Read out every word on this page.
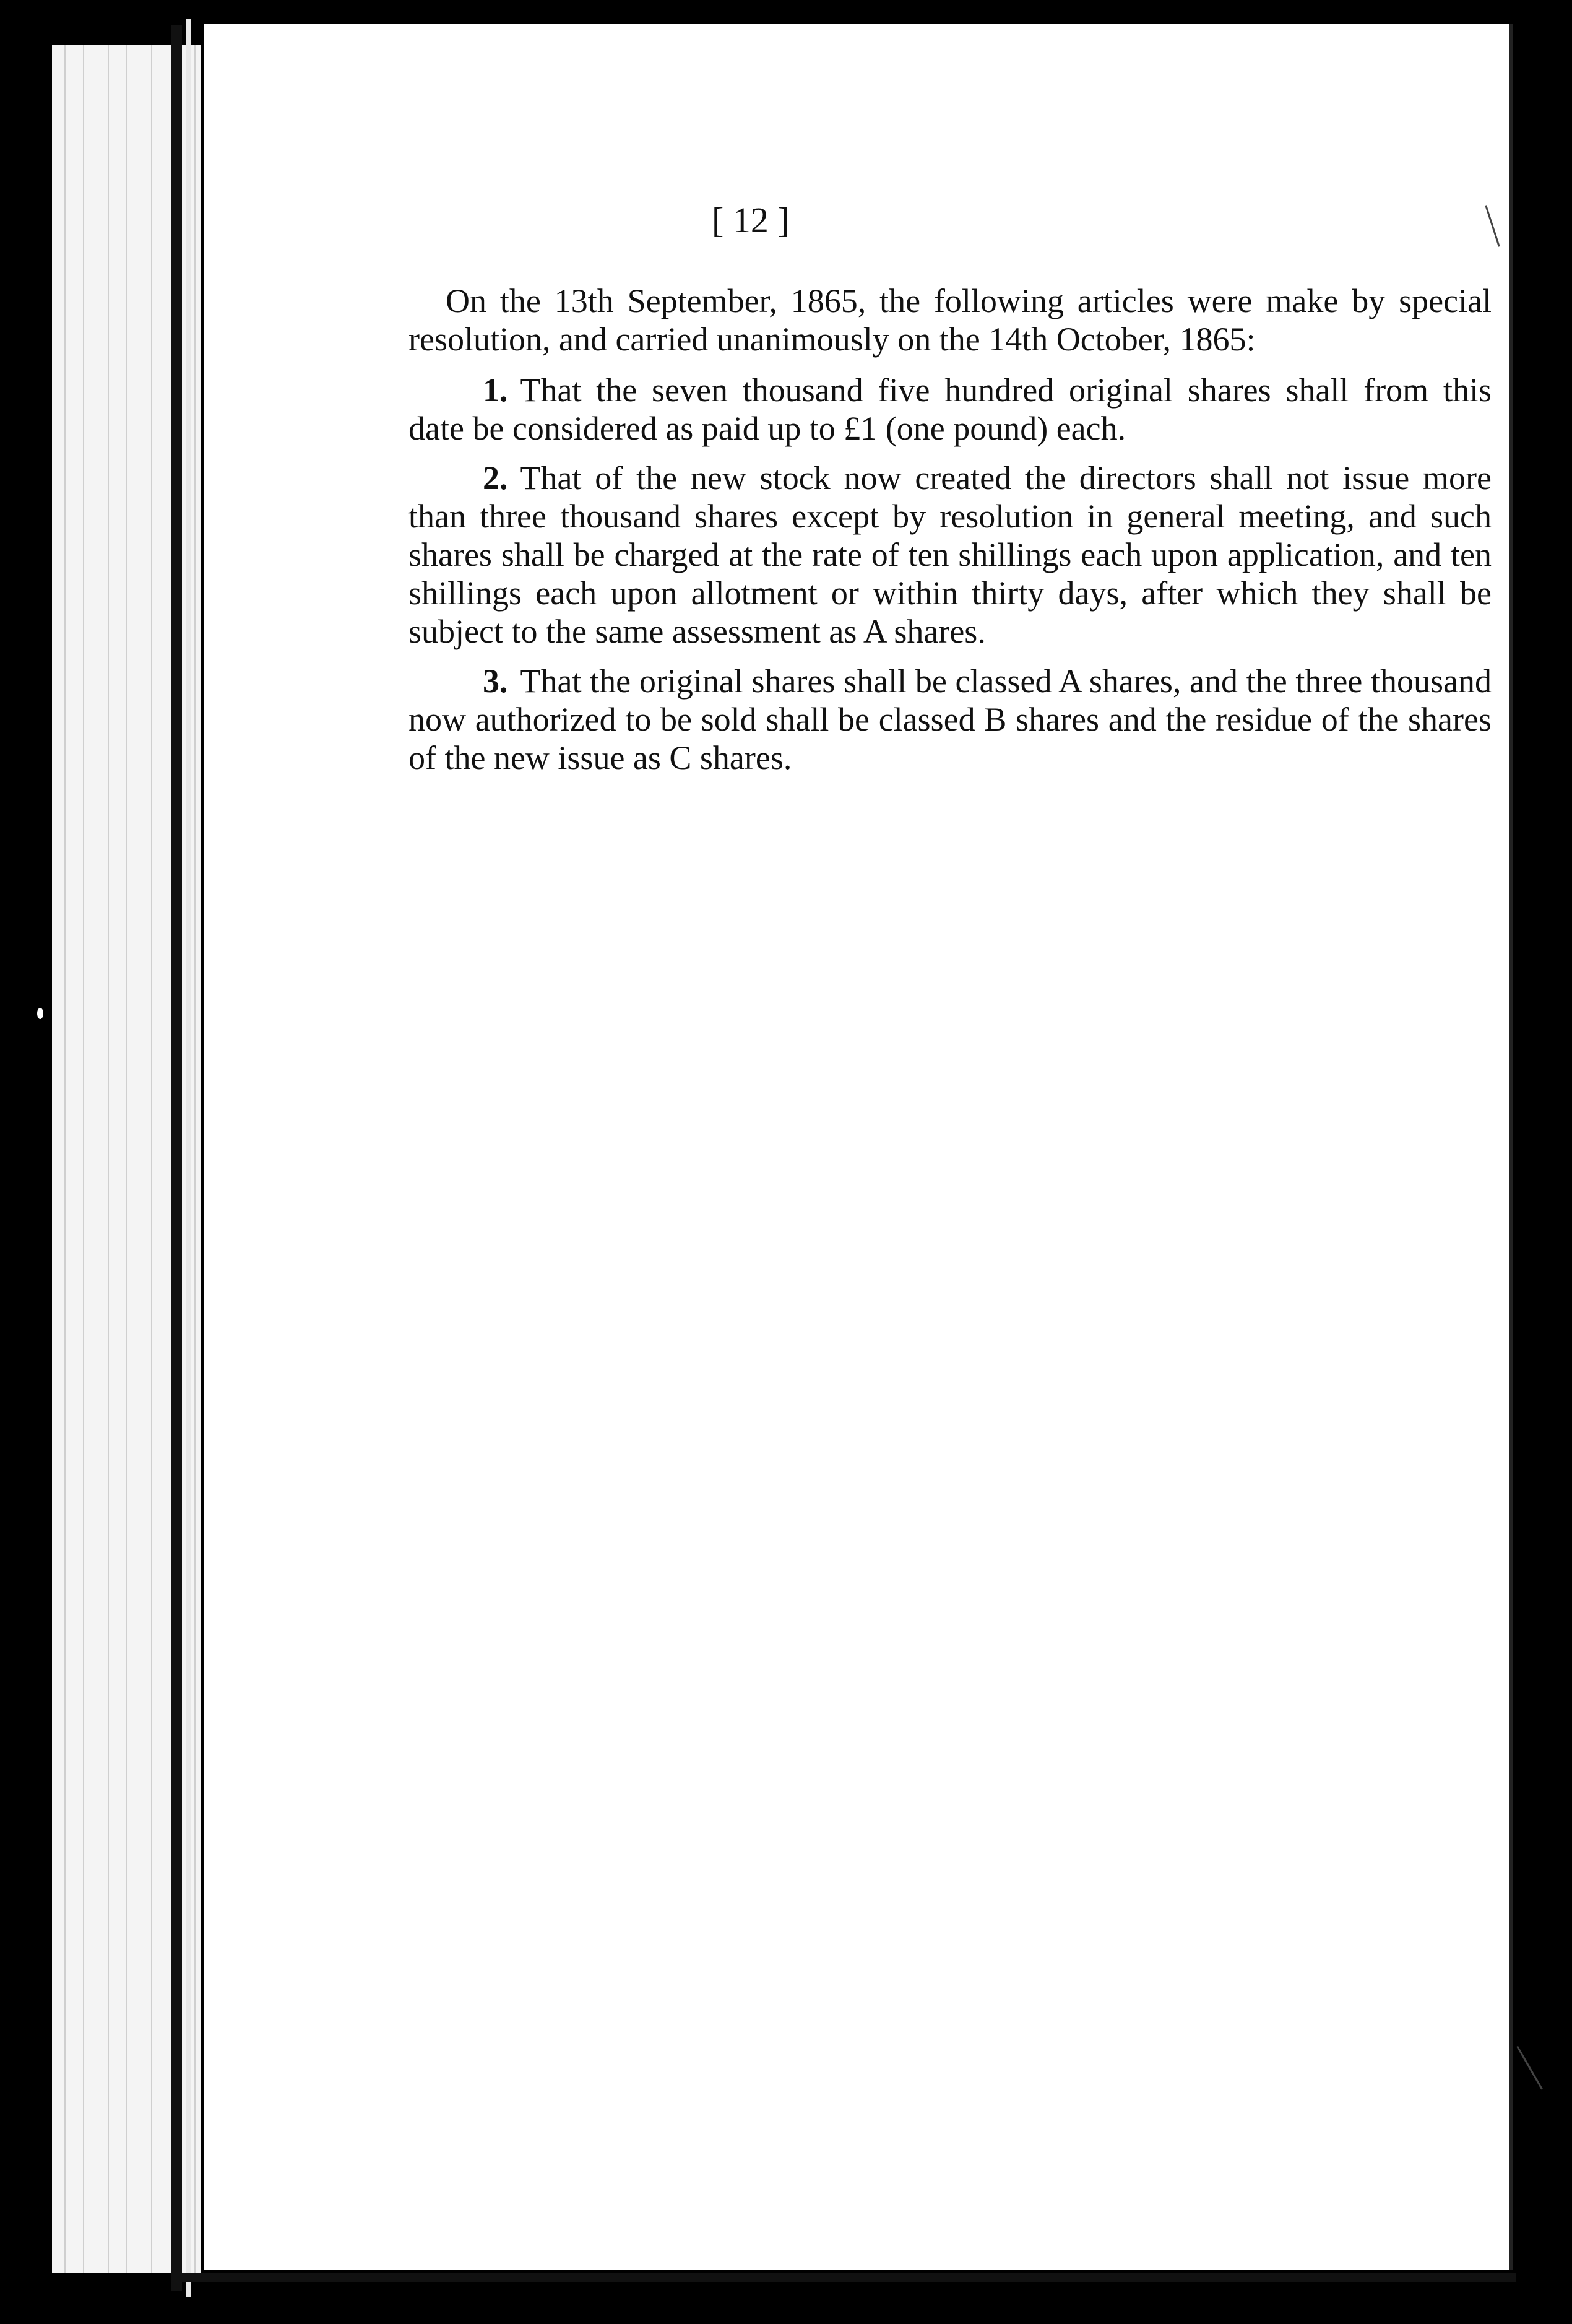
[ 12 ]

On the 13th September, 1865, the following articles were make by special resolution, and carried unanimously on the 14th October, 1865:

1. That the seven thousand five hundred original shares shall from this date be considered as paid up to £1 (one pound) each.

2. That of the new stock now created the directors shall not issue more than three thousand shares except by resolution in general meeting, and such shares shall be charged at the rate of ten shillings each upon application, and ten shillings each upon allotment or within thirty days, after which they shall be subject to the same assessment as A shares.

3. That the original shares shall be classed A shares, and the three thousand now authorized to be sold shall be classed B shares and the residue of the shares of the new issue as C shares.
